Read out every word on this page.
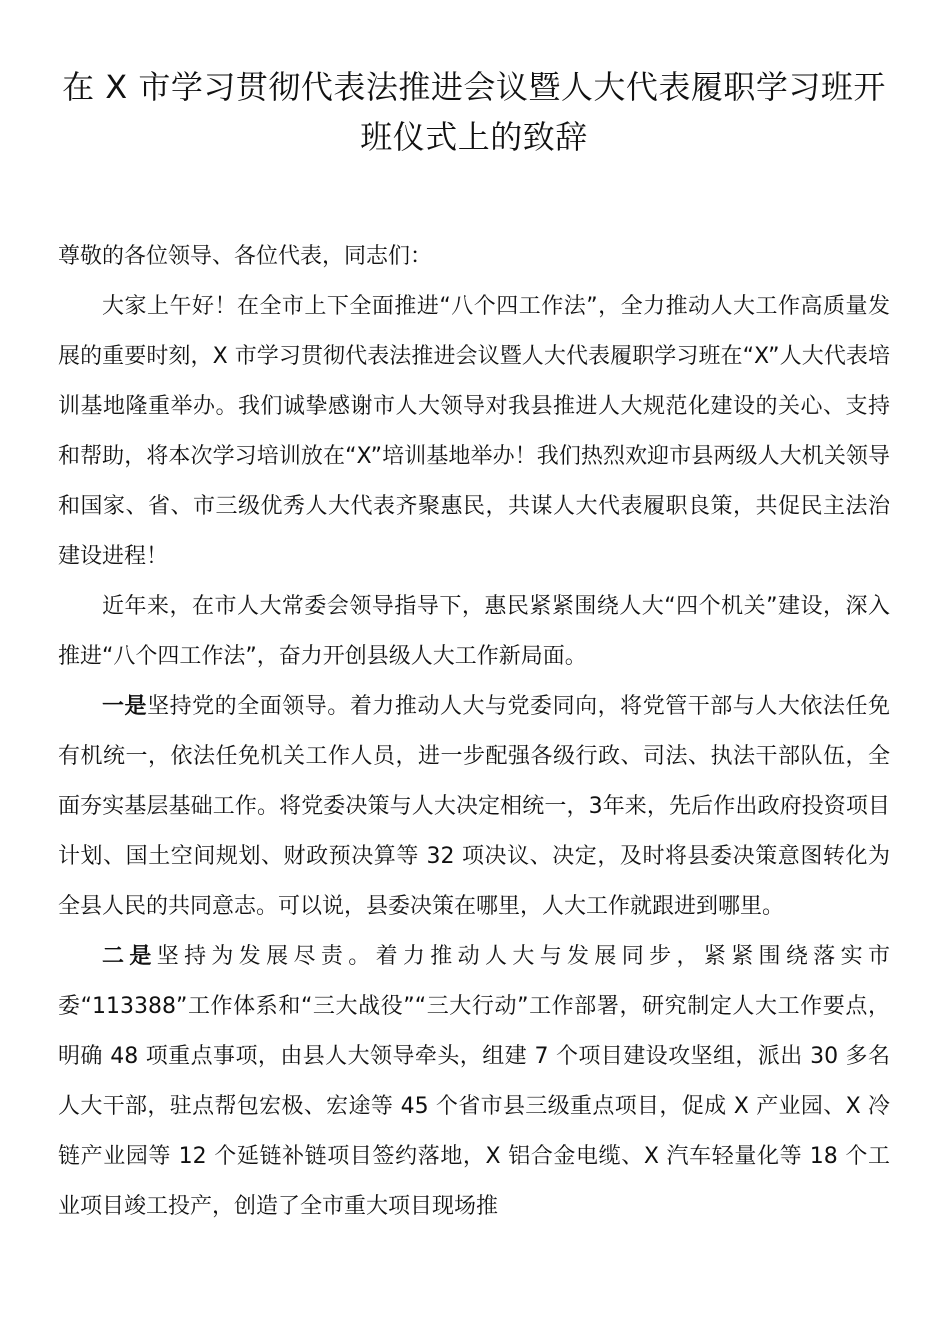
在 X 市学习贯彻代表法推进会议暨人大代表履职学习班开班仪式上的致辞

尊敬的各位领导、各位代表，同志们：

大家上午好！在全市上下全面推进“八个四工作法”，全力推动人大工作高质量发展的重要时刻，X 市学习贯彻代表法推进会议暨人大代表履职学习班在“X”人大代表培训基地隆重举办。我们诚挚感谢市人大领导对我县推进人大规范化建设的关心、支持和帮助，将本次学习培训放在“X”培训基地举办！我们热烈欢迎市县两级人大机关领导和国家、省、市三级优秀人大代表齐聚惠民，共谋人大代表履职良策，共促民主法治建设进程！

近年来，在市人大常委会领导指导下，惠民紧紧围绕人大“四个机关”建设，深入推进“八个四工作法”，奋力开创县级人大工作新局面。

一是坚持党的全面领导。着力推动人大与党委同向，将党管干部与人大依法任免有机统一，依法任免机关工作人员，进一步配强各级行政、司法、执法干部队伍，全面夯实基层基础工作。将党委决策与人大决定相统一，3年来，先后作出政府投资项目计划、国土空间规划、财政预决算等 32 项决议、决定，及时将县委决策意图转化为全县人民的共同意志。可以说，县委决策在哪里，人大工作就跟进到哪里。

二是坚持为发展尽责。着力推动人大与发展同步，紧紧围绕落实市委“113388”工作体系和“三大战役”“三大行动”工作部署，研究制定人大工作要点，明确 48 项重点事项，由县人大领导牵头，组建 7 个项目建设攻坚组，派出 30 多名人大干部，驻点帮包宏极、宏途等 45 个省市县三级重点项目，促成 X 产业园、X 冷链产业园等 12 个延链补链项目签约落地，X 铝合金电缆、X 汽车轻量化等 18 个工业项目竣工投产，创造了全市重大项目现场推
